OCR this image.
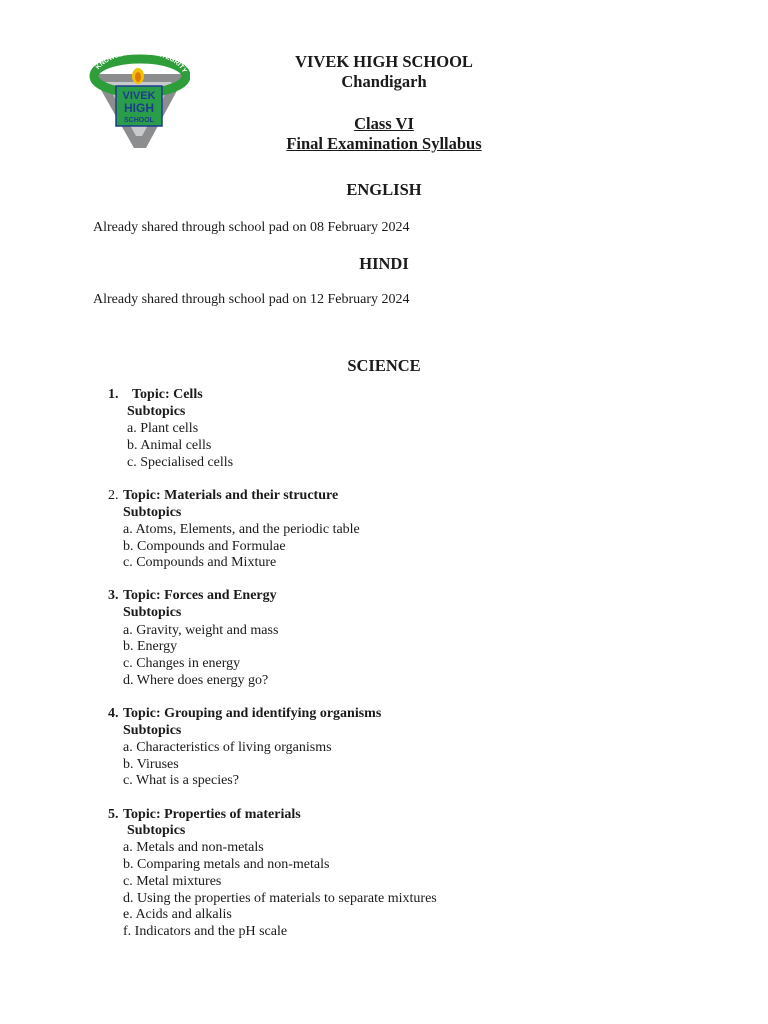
KNOWLEDGE AND INTEGRITY
VIVEK
HIGH
SCHOOL
VIVEK HIGH SCHOOL
Chandigarh
Class VI
Final Examination Syllabus
ENGLISH
Already shared through school pad on 08 February 2024
HINDI
Already shared through school pad on 12 February 2024
SCIENCE
1. Topic: Cells
Subtopics
a. Plant cells
b. Animal cells
c. Specialised cells
2. Topic: Materials and their structure
Subtopics
a. Atoms, Elements, and the periodic table
b. Compounds and Formulae
c. Compounds and Mixture
3. Topic: Forces and Energy
Subtopics
a. Gravity, weight and mass
b. Energy
c. Changes in energy
d. Where does energy go?
4. Topic: Grouping and identifying organisms
Subtopics
a. Characteristics of living organisms
b. Viruses
c. What is a species?
5. Topic: Properties of materials
Subtopics
a. Metals and non-metals
b. Comparing metals and non-metals
c. Metal mixtures
d. Using the properties of materials to separate mixtures
e. Acids and alkalis
f. Indicators and the pH scale
